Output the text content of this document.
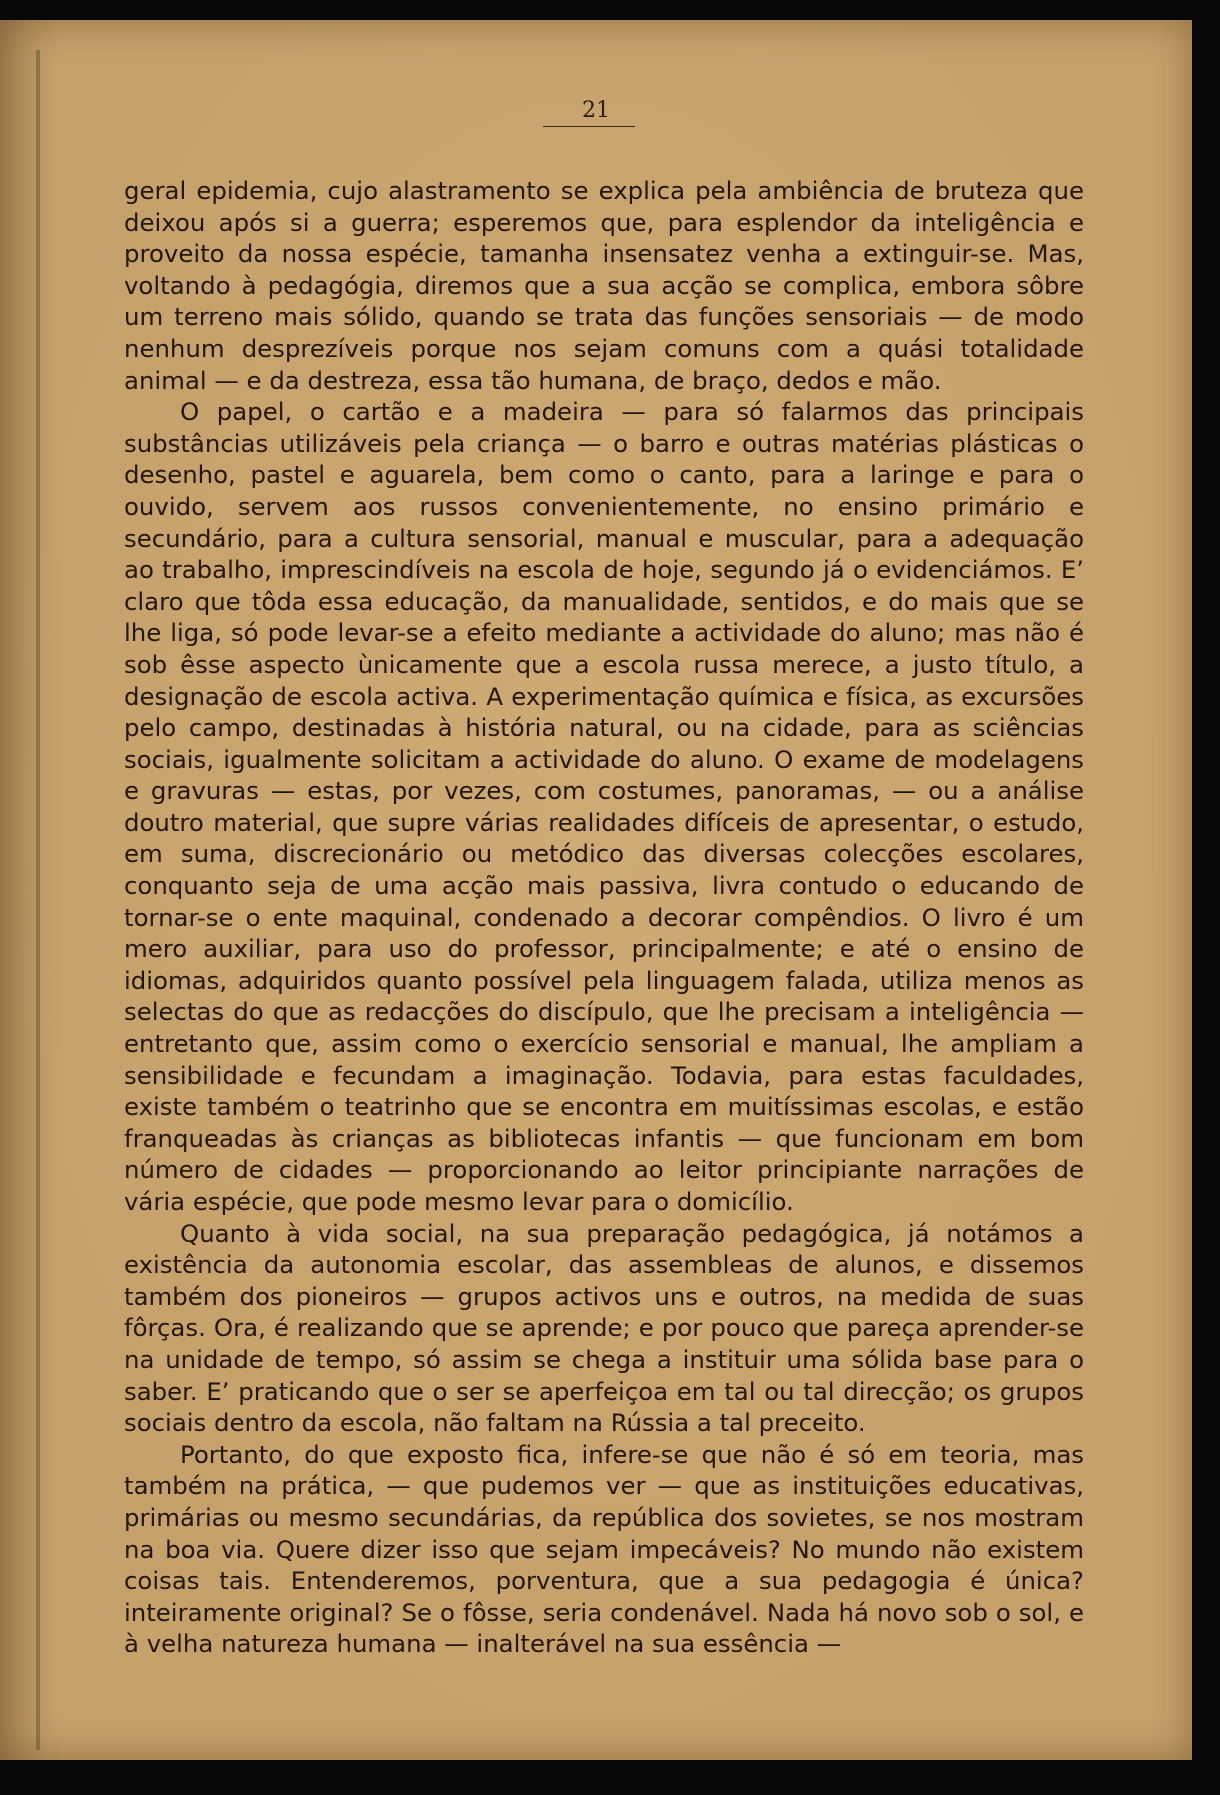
21

geral epidemia, cujo alastramento se explica pela ambiência de bruteza que deixou após si a guerra; esperemos que, para esplendor da inteligência e proveito da nossa espécie, tamanha insensatez venha a extinguir-se. Mas, voltando à pedagógia, diremos que a sua acção se complica, embora sôbre um terreno mais sólido, quando se trata das funções sensoriais — de modo nenhum desprezíveis porque nos sejam comuns com a quási totalidade animal — e da destreza, essa tão humana, de braço, dedos e mão.

O papel, o cartão e a madeira — para só falarmos das principais substâncias utilizáveis pela criança — o barro e outras matérias plásticas o desenho, pastel e aguarela, bem como o canto, para a laringe e para o ouvido, servem aos russos convenientemente, no ensino primário e secundário, para a cultura sensorial, manual e muscular, para a adequação ao trabalho, imprescindíveis na escola de hoje, segundo já o evidenciámos. E’ claro que tôda essa educação, da manualidade, sentidos, e do mais que se lhe liga, só pode levar-se a efeito mediante a actividade do aluno; mas não é sob êsse aspecto ùnicamente que a escola russa merece, a justo título, a designação de escola activa. A experimentação química e física, as excursões pelo campo, destinadas à história natural, ou na cidade, para as sciências sociais, igualmente solicitam a actividade do aluno. O exame de modelagens e gravuras — estas, por vezes, com costumes, panoramas, — ou a análise doutro material, que supre várias realidades difíceis de apresentar, o estudo, em suma, discrecionário ou metódico das diversas colecções escolares, conquanto seja de uma acção mais passiva, livra contudo o educando de tornar-se o ente maquinal, condenado a decorar compêndios. O livro é um mero auxiliar, para uso do professor, principalmente; e até o ensino de idiomas, adquiridos quanto possível pela linguagem falada, utiliza menos as selectas do que as redacções do discípulo, que lhe precisam a inteligência — entretanto que, assim como o exercício sensorial e manual, lhe ampliam a sensibilidade e fecundam a imaginação. Todavia, para estas faculdades, existe também o teatrinho que se encontra em muitíssimas escolas, e estão franqueadas às crianças as bibliotecas infantis — que funcionam em bom número de cidades — proporcionando ao leitor principiante narrações de vária espécie, que pode mesmo levar para o domicílio.

Quanto à vida social, na sua preparação pedagógica, já notámos a existência da autonomia escolar, das assembleas de alunos, e dissemos também dos pioneiros — grupos activos uns e outros, na medida de suas fôrças. Ora, é realizando que se aprende; e por pouco que pareça aprender-se na unidade de tempo, só assim se chega a instituir uma sólida base para o saber. E’ praticando que o ser se aperfeiçoa em tal ou tal direcção; os grupos sociais dentro da escola, não faltam na Rússia a tal preceito.

Portanto, do que exposto fica, infere-se que não é só em teoria, mas também na prática, — que pudemos ver — que as instituições educativas, primárias ou mesmo secundárias, da república dos sovietes, se nos mostram na boa via. Quere dizer isso que sejam impecáveis? No mundo não existem coisas tais. Entenderemos, porventura, que a sua pedagogia é única? inteiramente original? Se o fôsse, seria condenável. Nada há novo sob o sol, e à velha natureza humana — inalterável na sua essência —
